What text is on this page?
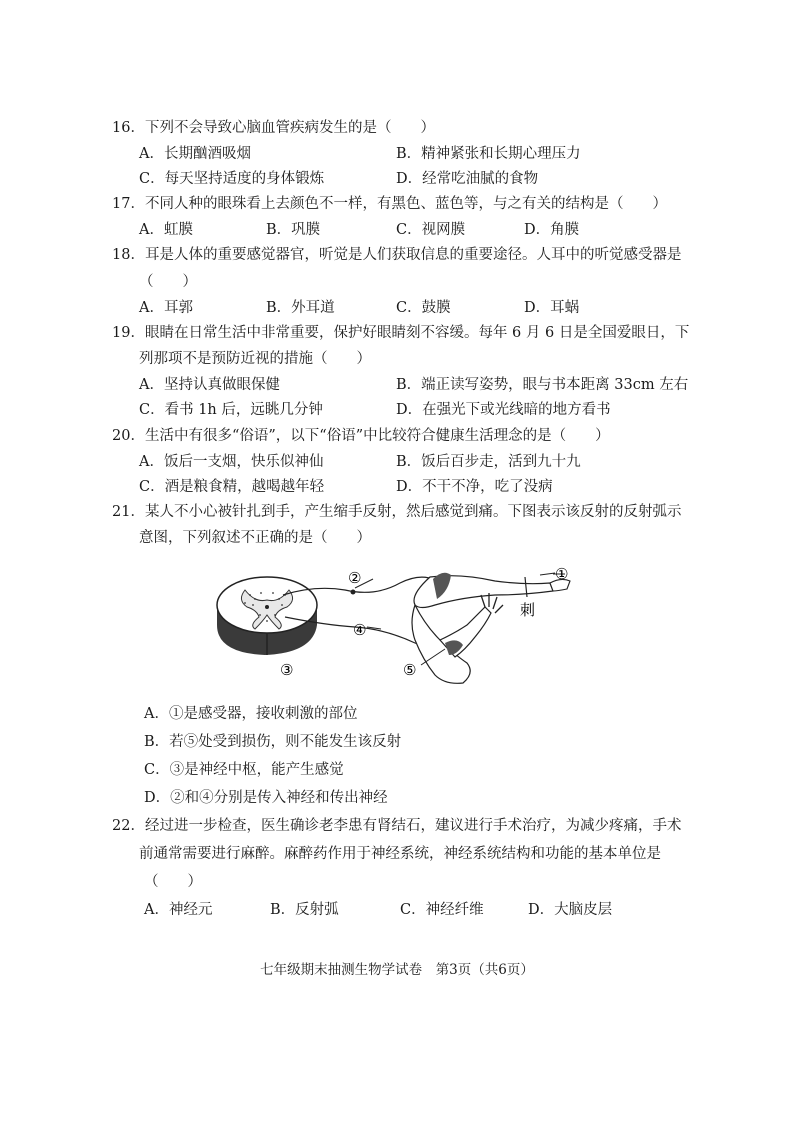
16．下列不会导致心脑血管疾病发生的是（　　）
A．长期酗酒吸烟	B．精神紧张和长期心理压力
C．每天坚持适度的身体锻炼	D．经常吃油腻的食物
17．不同人种的眼珠看上去颜色不一样，有黑色、蓝色等，与之有关的结构是（　　）
A．虹膜	B．巩膜	C．视网膜	D．角膜
18．耳是人体的重要感觉器官，听觉是人们获取信息的重要途径。人耳中的听觉感受器是
（　　）
A．耳郭	B．外耳道	C．鼓膜	D．耳蜗
19．眼睛在日常生活中非常重要，保护好眼睛刻不容缓。每年 6 月 6 日是全国爱眼日，下
列那项不是预防近视的措施（　　）
A．坚持认真做眼保健	B．端正读写姿势，眼与书本距离 33cm 左右
C．看书 1h 后，远眺几分钟	D．在强光下或光线暗的地方看书
20．生活中有很多“俗语”，以下“俗语”中比较符合健康生活理念的是（　　）
A．饭后一支烟，快乐似神仙	B．饭后百步走，活到九十九
C．酒是粮食精，越喝越年轻	D．不干不净，吃了没病
21．某人不小心被针扎到手，产生缩手反射，然后感觉到痛。下图表示该反射的反射弧示
意图，下列叙述不正确的是（　　）
②
④
③	⑤
①
刺
A．①是感受器，接收刺激的部位
B．若⑤处受到损伤，则不能发生该反射
C．③是神经中枢，能产生感觉
D．②和④分别是传入神经和传出神经
22．经过进一步检查，医生确诊老李患有肾结石，建议进行手术治疗，为减少疼痛，手术
前通常需要进行麻醉。麻醉药作用于神经系统，神经系统结构和功能的基本单位是
（　　）
A．神经元	B．反射弧	C．神经纤维	D．大脑皮层
七年级期末抽测生物学试卷　第3页（共6页）
